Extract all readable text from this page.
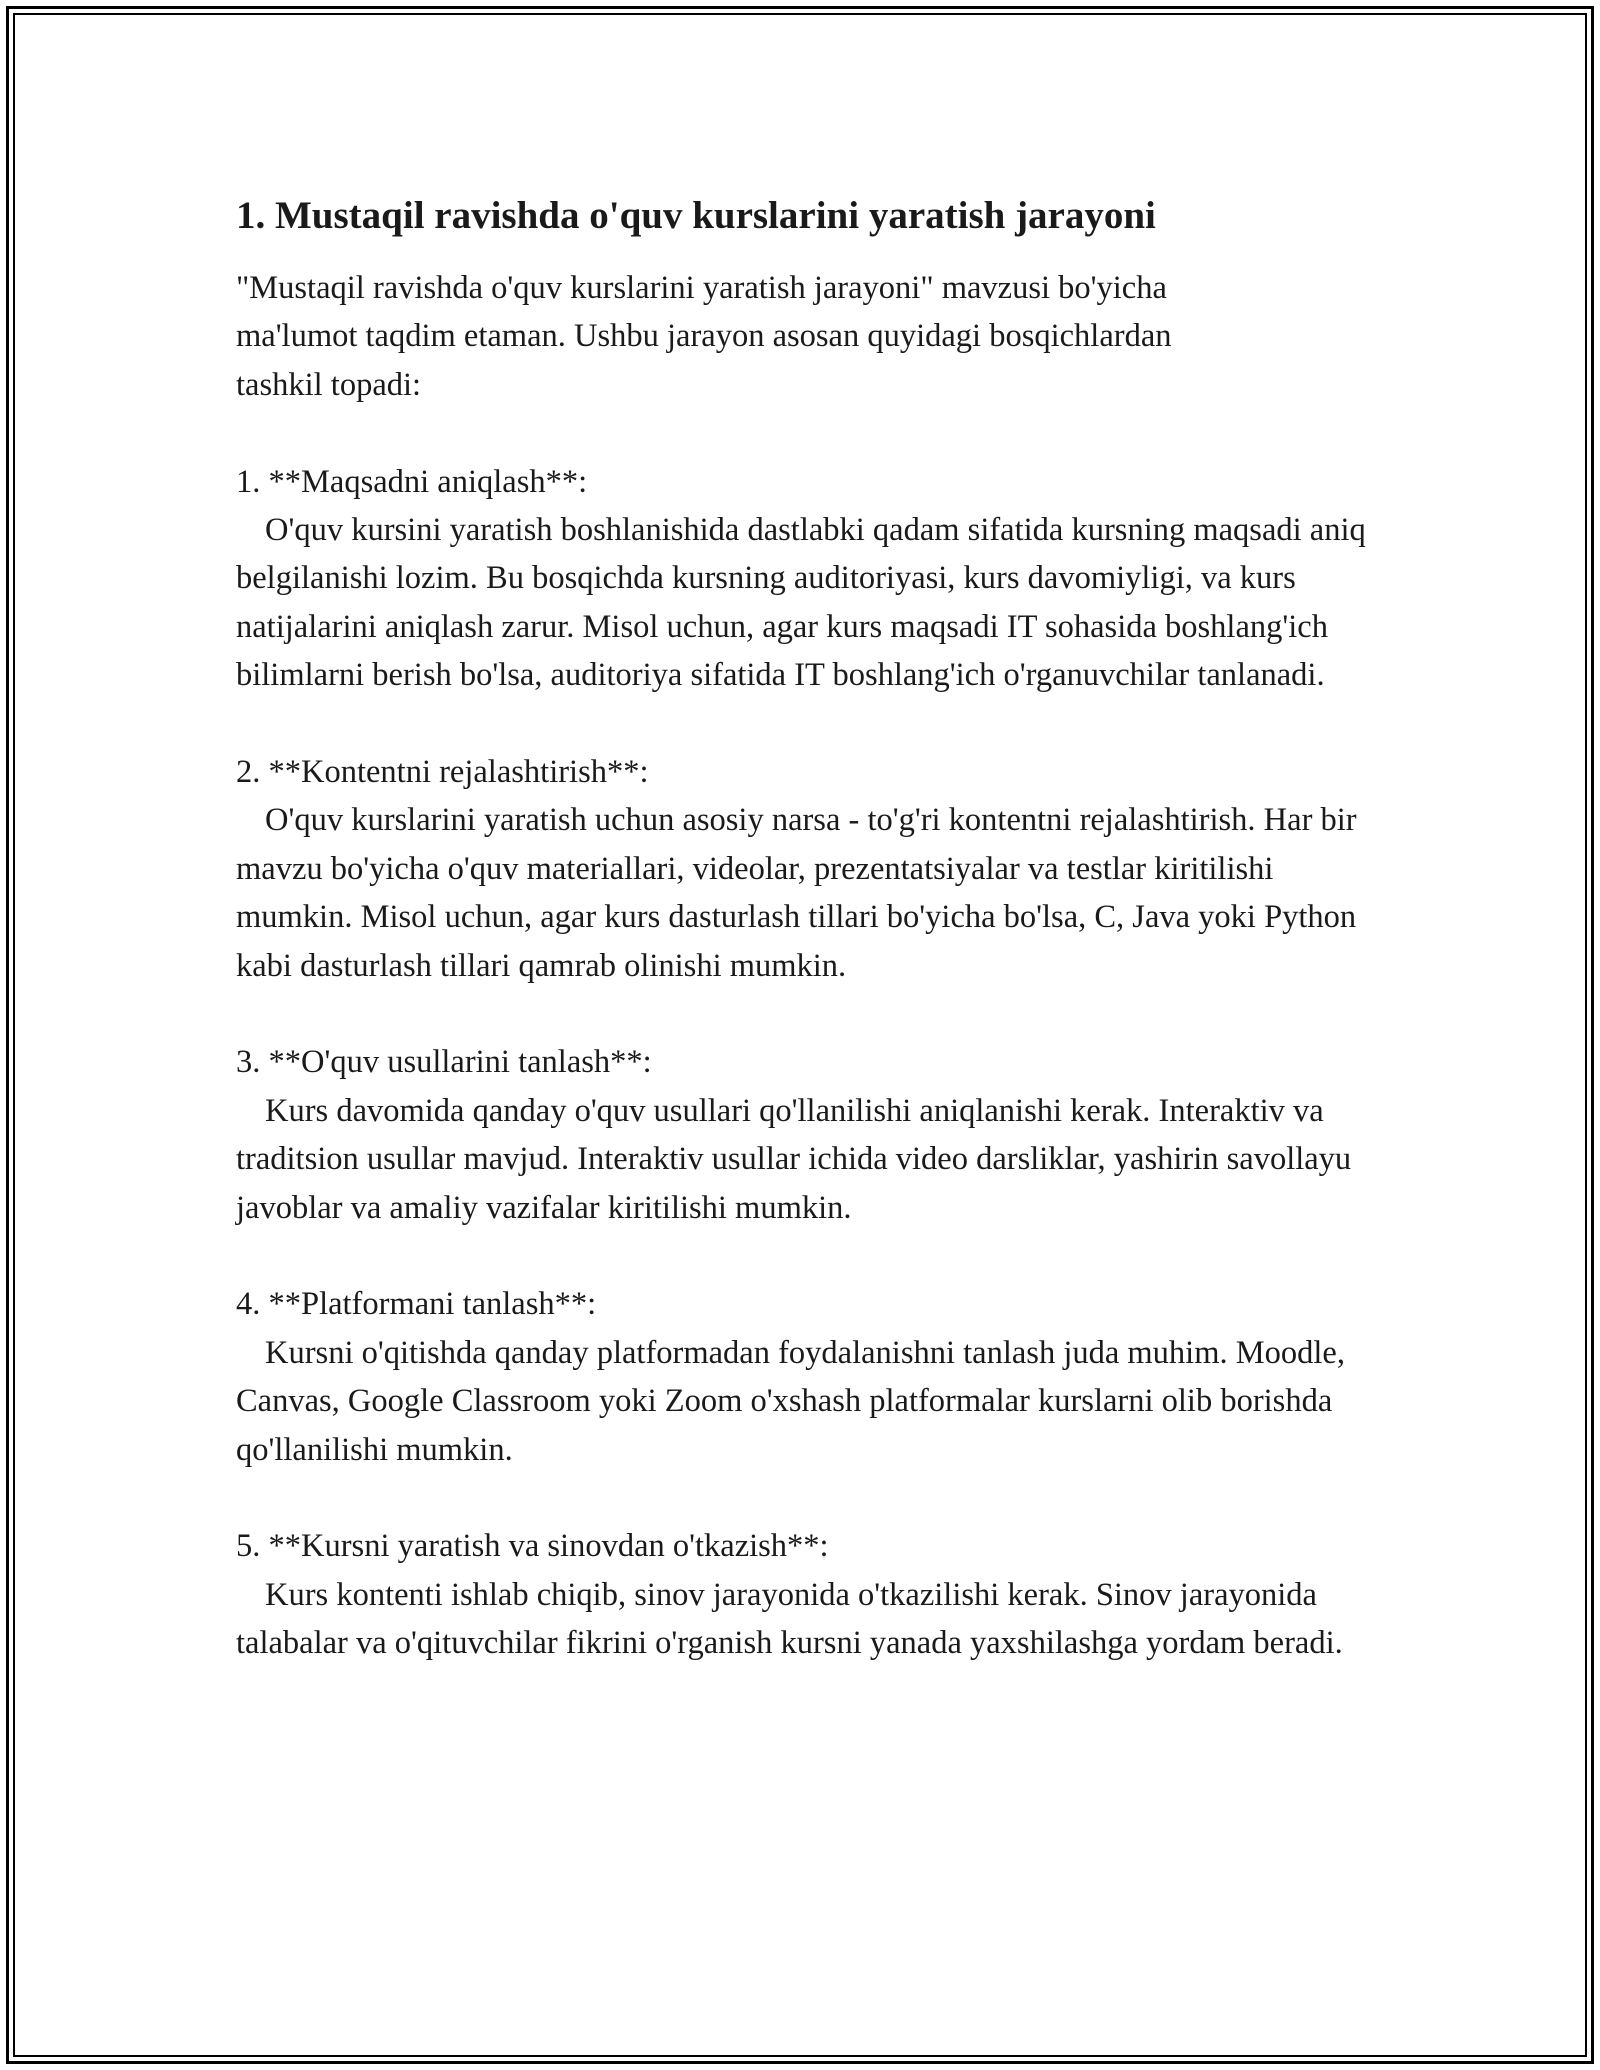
1. Mustaqil ravishda o'quv kurslarini yaratish jarayoni

"Mustaqil ravishda o'quv kurslarini yaratish jarayoni" mavzusi bo'yicha
ma'lumot taqdim etaman. Ushbu jarayon asosan quyidagi bosqichlardan
tashkil topadi:

1. **Maqsadni aniqlash**:
O'quv kursini yaratish boshlanishida dastlabki qadam sifatida kursning maqsadi aniq belgilanishi lozim. Bu bosqichda kursning auditoriyasi, kurs davomiyligi, va kurs natijalarini aniqlash zarur. Misol uchun, agar kurs maqsadi IT sohasida boshlang'ich bilimlarni berish bo'lsa, auditoriya sifatida IT boshlang'ich o'rganuvchilar tanlanadi.
2. **Kontentni rejalashtirish**:
O'quv kurslarini yaratish uchun asosiy narsa - to'g'ri kontentni rejalashtirish. Har bir mavzu bo'yicha o'quv materiallari, videolar, prezentatsiyalar va testlar kiritilishi mumkin. Misol uchun, agar kurs dasturlash tillari bo'yicha bo'lsa, C, Java yoki Python kabi dasturlash tillari qamrab olinishi mumkin.
3. **O'quv usullarini tanlash**:
Kurs davomida qanday o'quv usullari qo'llanilishi aniqlanishi kerak. Interaktiv va traditsion usullar mavjud. Interaktiv usullar ichida video darsliklar, yashirin savollayu javoblar va amaliy vazifalar kiritilishi mumkin.
4. **Platformani tanlash**:
Kursni o'qitishda qanday platformadan foydalanishni tanlash juda muhim. Moodle, Canvas, Google Classroom yoki Zoom o'xshash platformalar kurslarni olib borishda qo'llanilishi mumkin.
5. **Kursni yaratish va sinovdan o'tkazish**:
Kurs kontenti ishlab chiqib, sinov jarayonida o'tkazilishi kerak. Sinov jarayonida talabalar va o'qituvchilar fikrini o'rganish kursni yanada yaxshilashga yordam beradi.
